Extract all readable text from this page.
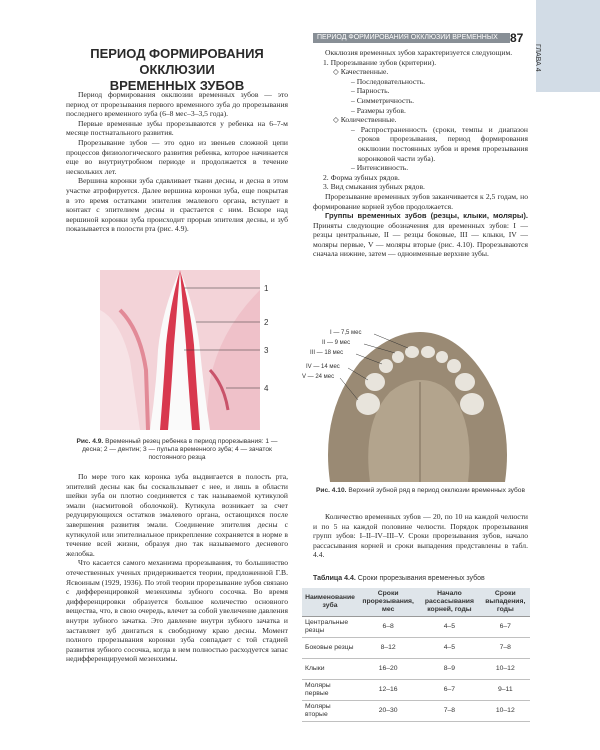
ГЛАВА 4
ПЕРИОД ФОРМИРОВАНИЯ ОККЛЮЗИИ ВРЕМЕННЫХ ЗУБОВ
87
ПЕРИОД ФОРМИРОВАНИЯ ОККЛЮЗИИ
ВРЕМЕННЫХ ЗУБОВ

Период формирования окклюзии временных зубов — это период от прорезывания первого временного зуба до прорезывания последнего временного зуба (6–8 мес–3–3,5 года).

Первые временные зубы прорезываются у ребенка на 6–7-м месяце постнатального развития.

Прорезывание зубов — это одно из звеньев сложной цепи процессов физиологического развития ребенка, которое начинается еще во внутриутробном периоде и продолжается в течение нескольких лет.

Вершина коронки зуба сдавливает ткани десны, и десна в этом участке атрофируется. Далее вершина коронки зуба, еще покрытая в это время остатками эпителия эмалевого органа, вступает в контакт с эпителием десны и срастается с ним. Вскоре над вершиной коронки зуба происходит прорыв эпителия десны, и зуб показывается в полости рта (рис. 4.9).

1
2
3
4
Рис. 4.9. Временный резец ребенка в период прорезывания: 1 — десна; 2 — дентин; 3 — пульпа временного зуба; 4 — зачаток постоянного резца

По мере того как коронка зуба выдвигается в полость рта, эпителий десны как бы соскальзывает с нее, и лишь в области шейки зуба он плотно соединяется с так называемой кутикулой эмали (насмитовой оболочкой). Кутикула возникает за счет редуцирующихся остатков эмалевого органа, остающихся после завершения развития эмали. Соединение эпителия десны с кутикулой или эпителиальное прикрепление сохраняется в норме в течение всей жизни, образуя дно так называемого десневого желобка.

Что касается самого механизма прорезывания, то большинство отечественных ученых придерживается теории, предложенной Г.В. Ясвоиным (1929, 1936). По этой теории прорезывание зубов связано с дифференцировкой мезенхимы зубного сосочка. Во время дифференцировки образуется большое количество основного вещества, что, в свою очередь, влечет за собой увеличение давления внутри зубного зачатка. Это давление внутри зубного зачатка и заставляет зуб двигаться к свободному краю десны. Момент полного прорезывания коронки зуба совпадает с той стадией развития зубного сосочка, когда в нем полностью расходуется запас недифференцируемой мезенхимы.

Окклюзия временных зубов характеризуется следующим.

1. Прорезывание зубов (критерии).
◇ Качественные.
– Последовательность.
– Парность.
– Симметричность.
– Размеры зубов.
◇ Количественные.
– Распространенность (сроки, темпы и диапазон сроков прорезывания, период формирования окклюзии постоянных зубов и время прорезывания коронковой части зуба).
– Интенсивность.
2. Форма зубных рядов.
3. Вид смыкания зубных рядов.

Прорезывание временных зубов заканчивается к 2,5 годам, но формирование корней зубов продолжается.

Группы временных зубов (резцы, клыки, моляры). Приняты следующие обозначения для временных зубов: I — резцы центральные, II — резцы боковые, III — клыки, IV — моляры первые, V — моляры вторые (рис. 4.10). Прорезываются сначала нижние, затем — одноименные верхние зубы.

I — 7,5 мес
II — 9 мес
III — 18 мес
IV — 14 мес
V — 24 мес
Рис. 4.10. Верхний зубной ряд в период окклюзии временных зубов

Количество временных зубов — 20, по 10 на каждой челюсти и по 5 на каждой половине челюсти. Порядок прорезывания групп зубов: I–II–IV–III–V. Сроки прорезывания зубов, начало рассасывания корней и сроки выпадения представлены в табл. 4.4.

Таблица 4.4. Сроки прорезывания временных зубов
Наименование зуба	Сроки прорезывания, мес	Начало рассасывания корней, годы	Сроки выпадения, годы
Центральные резцы	6–8	4–5	6–7
Боковые резцы	8–12	4–5	7–8
Клыки	16–20	8–9	10–12
Моляры первые	12–16	6–7	9–11
Моляры вторые	20–30	7–8	10–12
